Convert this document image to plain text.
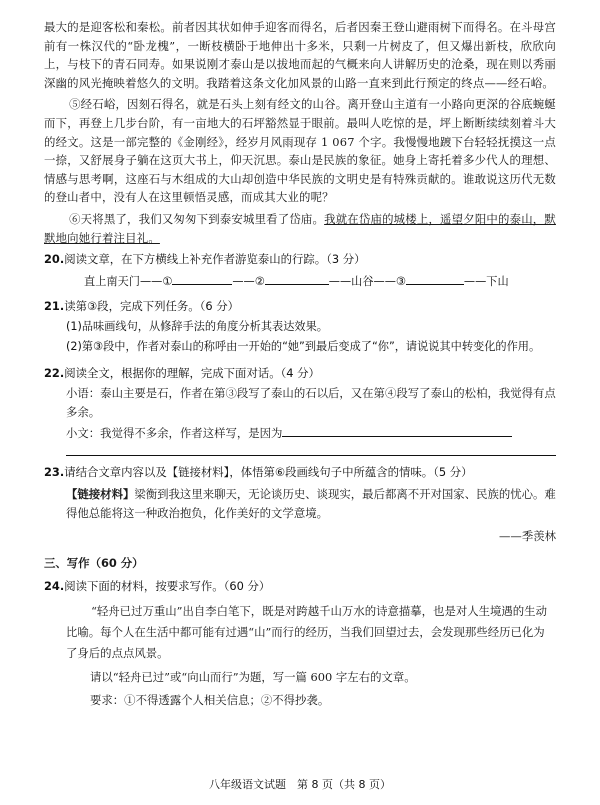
最大的是迎客松和秦松。前者因其状如伸手迎客而得名，后者因秦王登山避雨树下而得名。在斗母宫前有一株汉代的“卧龙槐”，一断枝横卧于地伸出十多米，只剩一片树皮了，但又爆出新枝，欣欣向上，与枝下的青石同寿。如果说刚才泰山是以拔地而起的气概来向人讲解历史的沧桑，现在则以秀丽深幽的风光掩映着悠久的文明。我踏着这条文化加风景的山路一直来到此行预定的终点——经石峪。

⑤经石峪，因刻石得名，就是石头上刻有经文的山谷。离开登山主道有一小路向更深的谷底蜿蜒而下，再登上几步台阶，有一亩地大的石坪豁然显于眼前。最叫人吃惊的是，坪上断断续续刻着斗大的经文。这是一部完整的《金刚经》，经岁月风雨现存 1 067 个字。我慢慢地踱下台轻轻抚摸这一点一捺，又舒展身子躺在这页大书上，仰天沉思。泰山是民族的象征。她身上寄托着多少代人的理想、情感与思考啊，这座石与木组成的大山却创造中华民族的文明史是有特殊贡献的。谁敢说这历代无数的登山者中，没有人在这里顿悟灵感，而成其大业的呢？

⑥天将黑了，我们又匆匆下到泰安城里看了岱庙。我就在岱庙的城楼上，遥望夕阳中的泰山，默默地向她行着注目礼。

20.阅读文章，在下方横线上补充作者游览泰山的行踪。（3 分）

直上南天门——①	——②	——山谷——③	——下山

21.读第③段，完成下列任务。（6 分）

(1)品味画线句，从修辞手法的角度分析其表达效果。

(2)第③段中，作者对泰山的称呼由一开始的“她”到最后变成了“你”，请说说其中转变化的作用。

22.阅读全文，根据你的理解，完成下面对话。（4 分）

小语：泰山主要是石，作者在第③段写了泰山的石以后，又在第④段写了泰山的松柏，我觉得有点多余。

小文：我觉得不多余，作者这样写，是因为

23.请结合文章内容以及【链接材料】，体悟第⑥段画线句子中所蕴含的情味。（5 分）

【链接材料】梁衡到我这里来聊天，无论谈历史、谈现实，最后都离不开对国家、民族的忧心。难得他总能将这一种政治抱负，化作美好的文学意境。

——季羡林

三、写作（60 分）

24.阅读下面的材料，按要求写作。（60 分）

“轻舟已过万重山”出自李白笔下，既是对跨越千山万水的诗意描摹，也是对人生境遇的生动比喻。每个人在生活中都可能有过遇“山”而行的经历，当我们回望过去，会发现那些经历已化为了身后的点点风景。

请以“轻舟已过”或“向山而行”为题，写一篇 600 字左右的文章。

要求：①不得透露个人相关信息；②不得抄袭。

八年级语文试题　第 8 页（共 8 页）
